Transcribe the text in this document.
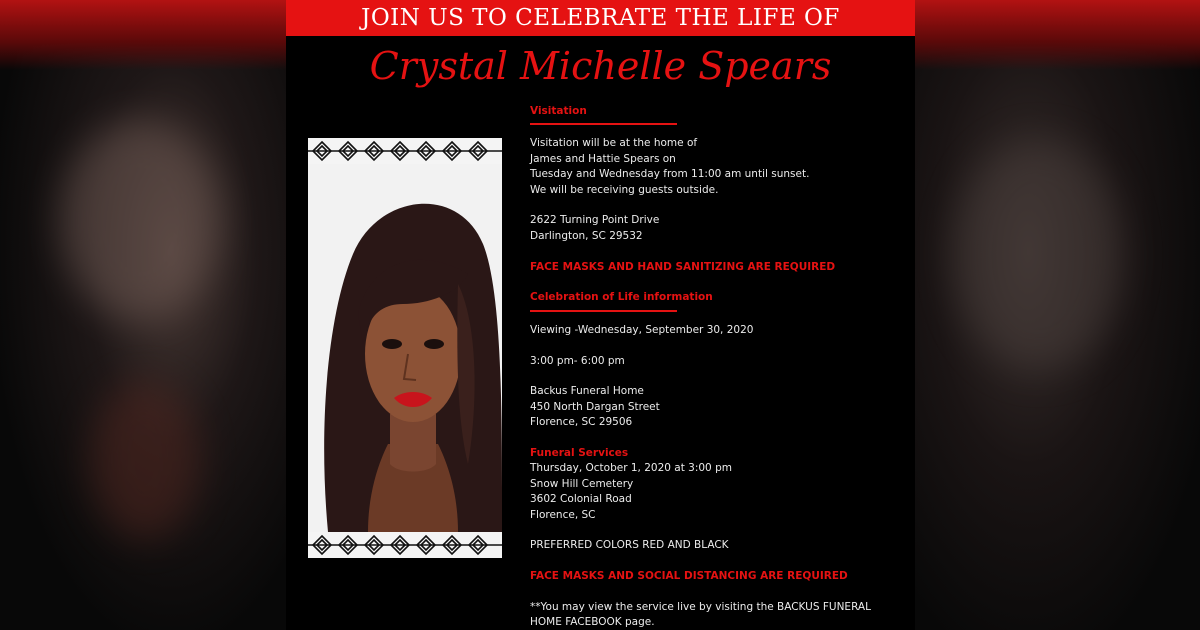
JOIN US TO CELEBRATE THE LIFE OF
Crystal Michelle Spears

Visitation

Visitation will be at the home of

James and Hattie Spears on

Tuesday and Wednesday from 11:00 am until sunset.

We will be receiving guests outside.

2622 Turning Point Drive

Darlington, SC 29532

FACE MASKS AND HAND SANITIZING ARE REQUIRED

Celebration of Life information

Viewing -Wednesday, September 30, 2020

3:00 pm- 6:00 pm

Backus Funeral Home

450 North Dargan Street

Florence, SC 29506

Funeral Services

Thursday, October 1, 2020 at 3:00 pm

Snow Hill Cemetery

3602 Colonial Road

Florence, SC

PREFERRED COLORS RED AND BLACK

FACE MASKS AND SOCIAL DISTANCING ARE REQUIRED

**You may view the service live by visiting the BACKUS FUNERAL

HOME FACEBOOK page.
